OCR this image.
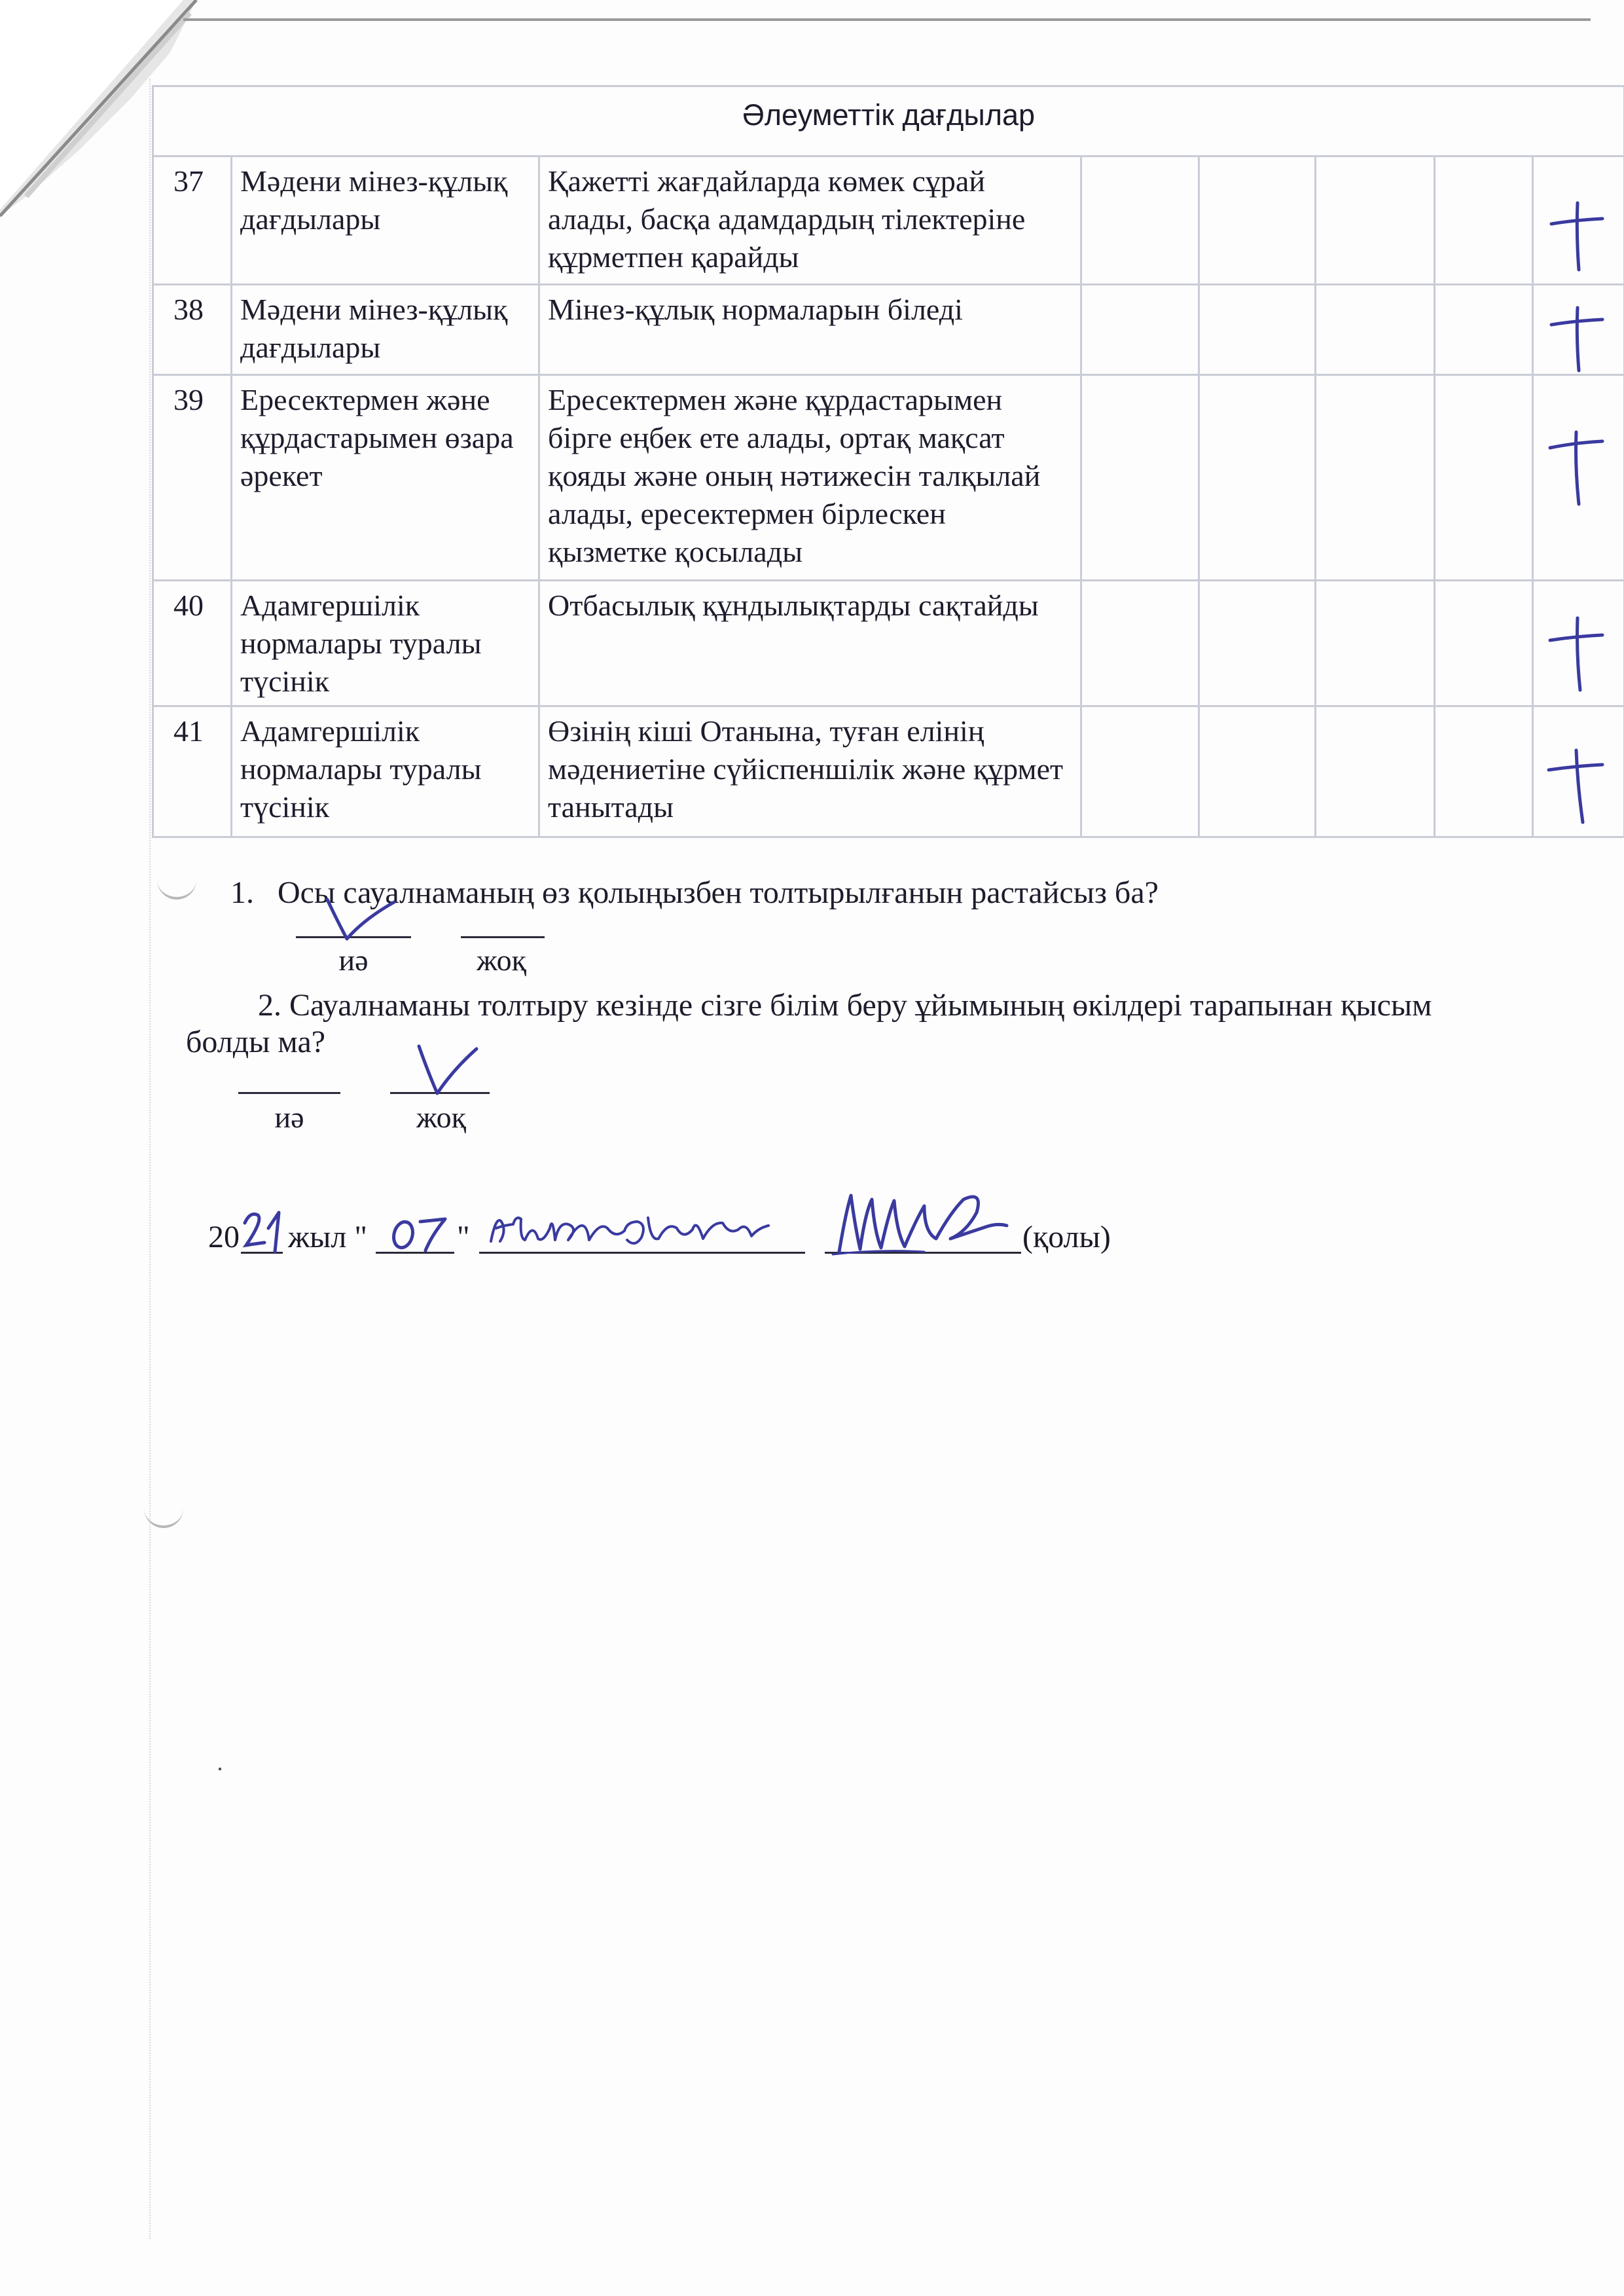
Әлеуметтік дағдылар							
37	Мәдени мінез-құлық дағдылары	Қажетті жағдайларда көмек сұрай алады, басқа адамдардың тілектеріне құрметпен қарайды					

38	Мәдени мінез-құлық дағдылары	Мінез-құлық нормаларын біледі					

39	Ересектермен және құрдастарымен өзара әрекет	Ересектермен және құрдастарымен бірге еңбек ете алады, ортақ мақсат қояды және оның нәтижесін талқылай алады, ересектермен бірлескен қызметке қосылады					

40	Адамгершілік нормалары туралы түсінік	Отбасылық құндылықтарды сақтайды					

41	Адамгершілік нормалары туралы түсінік	Өзінің кіші Отанына, туған елінің мәдениетіне сүйіспеншілік және құрмет танытады					
1. Осы сауалнаманың өз қолыңызбен толтырылғанын растайсыз ба?
иә	жоқ
2. Сауалнаманы толтыру кезінде сізге білім беру ұйымының өкілдері тарапынан қысым
болды ма?
иә	жоқ
20 жыл "	"	(қолы)
